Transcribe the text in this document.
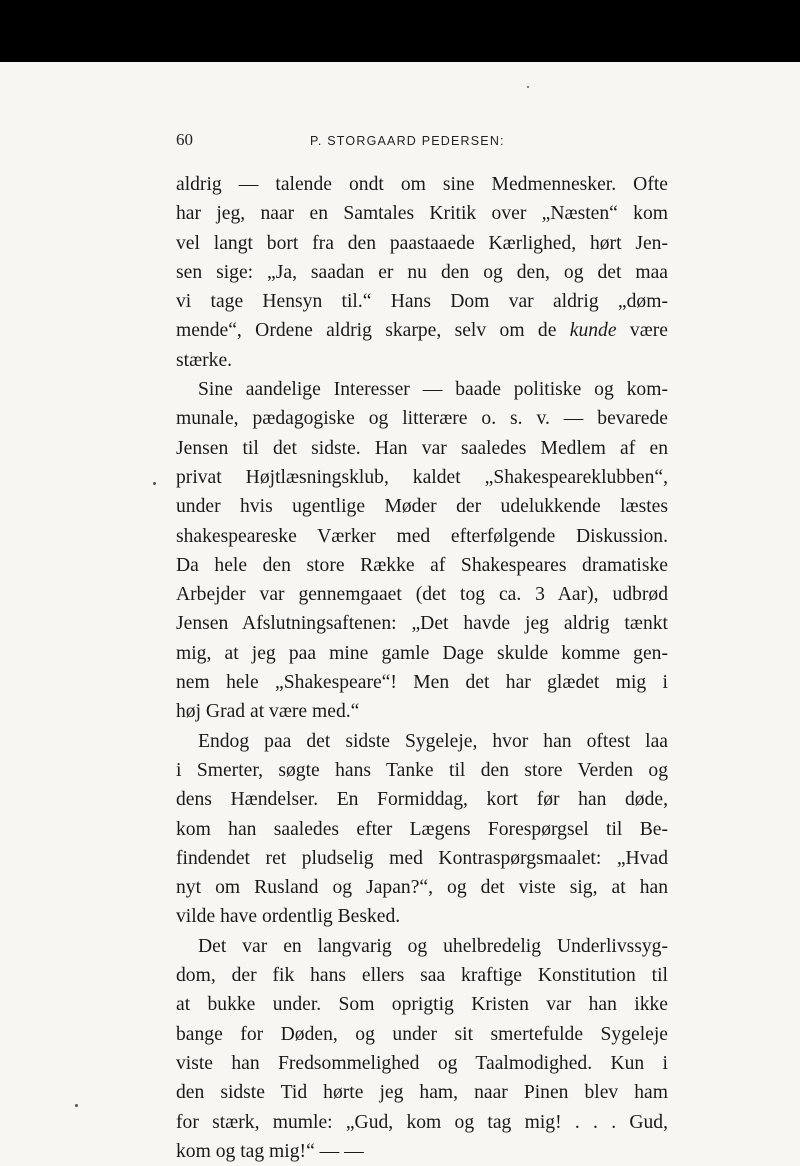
60	P. STORGAARD PEDERSEN:
aldrig — talende ondt om sine Medmennesker. Ofte
har jeg, naar en Samtales Kritik over „Næsten“ kom
vel langt bort fra den paastaaede Kærlighed, hørt Jen-
sen sige: „Ja, saadan er nu den og den, og det maa
vi tage Hensyn til.“ Hans Dom var aldrig „døm-
mende“, Ordene aldrig skarpe, selv om de kunde være
stærke.
Sine aandelige Interesser — baade politiske og kom-
munale, pædagogiske og litterære o. s. v. — bevarede
Jensen til det sidste. Han var saaledes Medlem af en
privat Højtlæsningsklub, kaldet „Shakespeareklubben“,
under hvis ugentlige Møder der udelukkende læstes
shakespeareske Værker med efterfølgende Diskussion.
Da hele den store Række af Shakespeares dramatiske
Arbejder var gennemgaaet (det tog ca. 3 Aar), udbrød
Jensen Afslutningsaftenen: „Det havde jeg aldrig tænkt
mig, at jeg paa mine gamle Dage skulde komme gen-
nem hele „Shakespeare“! Men det har glædet mig i
høj Grad at være med.“
Endog paa det sidste Sygeleje, hvor han oftest laa
i Smerter, søgte hans Tanke til den store Verden og
dens Hændelser. En Formiddag, kort før han døde,
kom han saaledes efter Lægens Forespørgsel til Be-
findendet ret pludselig med Kontraspørgsmaalet: „Hvad
nyt om Rusland og Japan?“, og det viste sig, at han
vilde have ordentlig Besked.
Det var en langvarig og uhelbredelig Underlivssyg-
dom, der fik hans ellers saa kraftige Konstitution til
at bukke under. Som oprigtig Kristen var han ikke
bange for Døden, og under sit smertefulde Sygeleje
viste han Fredsommelighed og Taalmodighed. Kun i
den sidste Tid hørte jeg ham, naar Pinen blev ham
for stærk, mumle: „Gud, kom og tag mig! . . . Gud,
kom og tag mig!“ — —
